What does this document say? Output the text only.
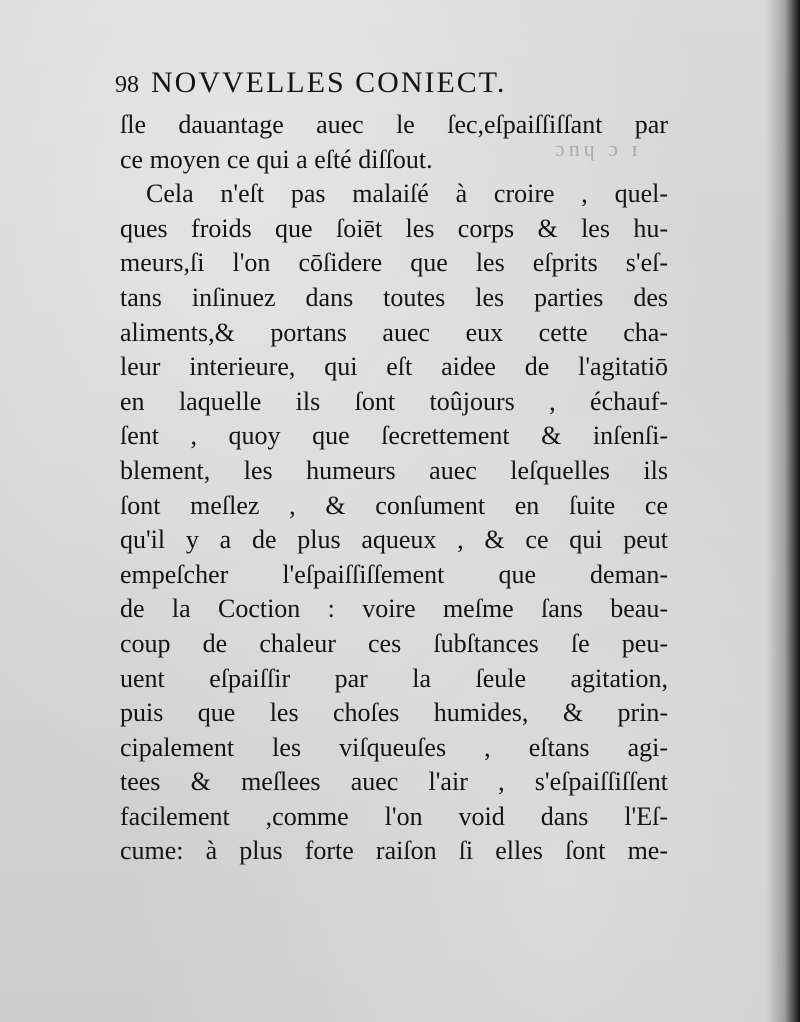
98 NOVVELLES CONIECT.
ɔnɥ ɔ ɪ
ſle dauantage auec le ſec,eſpaiſſiſſant par
ce moyen ce qui a eſté diſſout.
Cela n'eſt pas malaiſé à croire , quel-
ques froids que ſoiēt les corps & les hu-
meurs,ſi l'on cōſidere que les eſprits s'eſ-
tans inſinuez dans toutes les parties des
aliments,& portans auec eux cette cha-
leur interieure, qui eſt aidee de l'agitatiō
en laquelle ils ſont toûjours , échauf-
ſent , quoy que ſecrettement & inſenſi-
blement, les humeurs auec leſquelles ils
ſont meſlez , & conſument en ſuite ce
qu'il y a de plus aqueux , & ce qui peut
empeſcher l'eſpaiſſiſſement que deman-
de la Coction : voire meſme ſans beau-
coup de chaleur ces ſubſtances ſe peu-
uent eſpaiſſir par la ſeule agitation,
puis que les choſes humides, & prin-
cipalement les viſqueuſes , eſtans agi-
tees & meſlees auec l'air , s'eſpaiſſiſſent
facilement ,comme l'on void dans l'Eſ-
cume: à plus forte raiſon ſi elles ſont me-
